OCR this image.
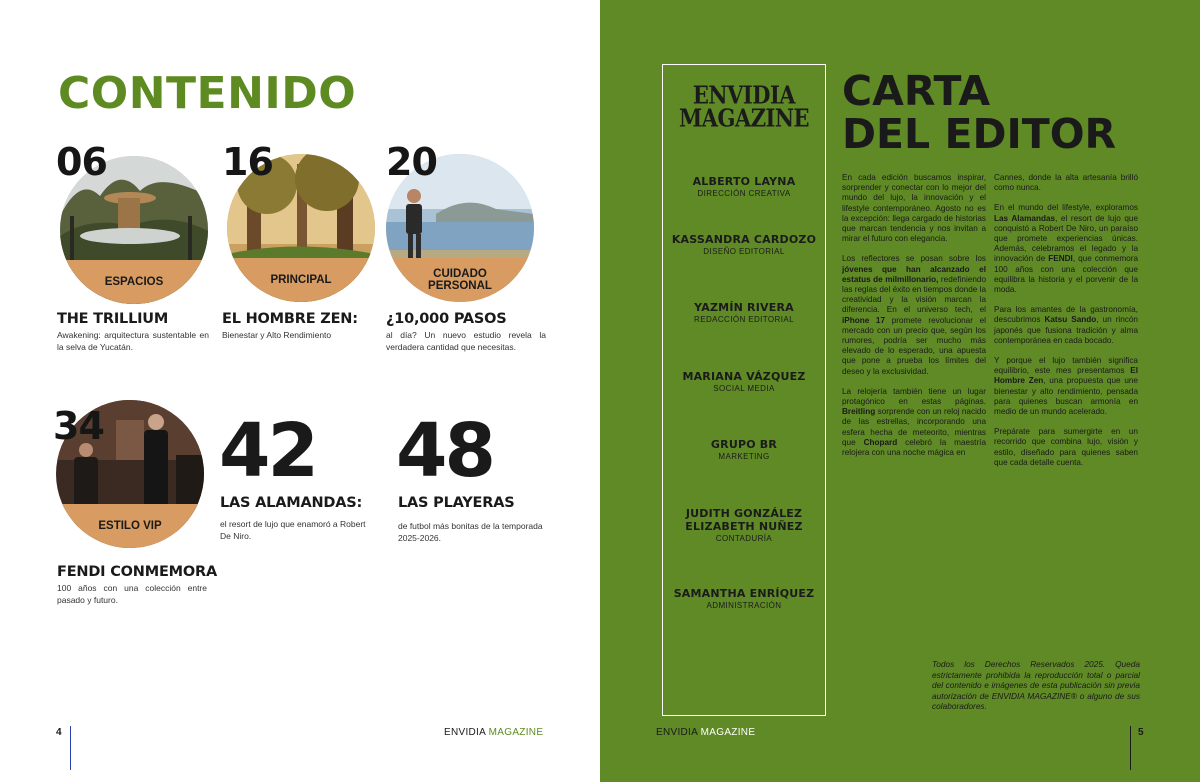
CONTENIDO
ESPACIOS
06
THE TRILLIUM
Awakening: arquitectura sustentable en la selva de Yucatán.
PRINCIPAL
16
EL HOMBRE ZEN:
Bienestar y Alto Rendimiento
CUIDADO PERSONAL
20
¿10,000 PASOS
al día? Un nuevo estudio revela la verdadera cantidad que necesitas.
ESTILO VIP
34
FENDI CONMEMORA
100 años con una colección entre pasado y futuro.
42
LAS ALAMANDAS:
el resort de lujo que enamoró a Robert De Niro.
48
LAS PLAYERAS
de futbol más bonitas de la temporada 2025-2026.
4	ENVIDIA MAGAZINE
ENVIDIA
MAGAZINE
ALBERTO LAYNA
DIRECCIÓN CREATIVA
KASSANDRA CARDOZO
DISEÑO EDITORIAL
YAZMÍN RIVERA
REDACCIÓN EDITORIAL
MARIANA VÁZQUEZ
SOCIAL MEDIA
GRUPO BR
MARKETING
JUDITH GONZÁLEZ
ELIZABETH NUÑEZ
CONTADURÍA
SAMANTHA ENRÍQUEZ
ADMINISTRACIÓN
CARTA
DEL EDITOR

En cada edición buscamos inspirar, sorprender y conectar con lo mejor del mundo del lujo, la innovación y el lifestyle contemporáneo. Agosto no es la excepción: llega cargado de historias que marcan tendencia y nos invitan a mirar el futuro con elegancia.

Los reflectores se posan sobre los jóvenes que han alcanzado el estatus de milmillonario, redefiniendo las reglas del éxito en tiempos donde la creatividad y la visión marcan la diferencia. En el universo tech, el iPhone 17 promete revolucionar el mercado con un precio que, según los rumores, podría ser mucho más elevado de lo esperado, una apuesta que pone a prueba los límites del deseo y la exclusividad.

La relojería también tiene un lugar protagónico en estas páginas. Breitling sorprende con un reloj nacido de las estrellas, incorporando una esfera hecha de meteorito, mientras que Chopard celebró la maestría relojera con una noche mágica en

Cannes, donde la alta artesanía brilló como nunca.

En el mundo del lifestyle, exploramos Las Alamandas, el resort de lujo que conquistó a Robert De Niro, un paraíso que promete experiencias únicas. Además, celebramos el legado y la innovación de FENDI, que conmemora 100 años con una colección que equilibra la historia y el porvenir de la moda.

Para los amantes de la gastronomía, descubrimos Katsu Sando, un rincón japonés que fusiona tradición y alma contemporánea en cada bocado.

Y porque el lujo también significa equilibrio, este mes presentamos El Hombre Zen, una propuesta que une bienestar y alto rendimiento, pensada para quienes buscan armonía en medio de un mundo acelerado.

Prepárate para sumergirte en un recorrido que combina lujo, visión y estilo, diseñado para quienes saben que cada detalle cuenta.

Todos los Derechos Reservados 2025. Queda estrictamente prohibida la reproducción total o parcial del contenido e imágenes de esta publicación sin previa autorización de ENVIDIA MAGAZINE® o alguno de sus colaboradores.
ENVIDIA MAGAZINE	5
